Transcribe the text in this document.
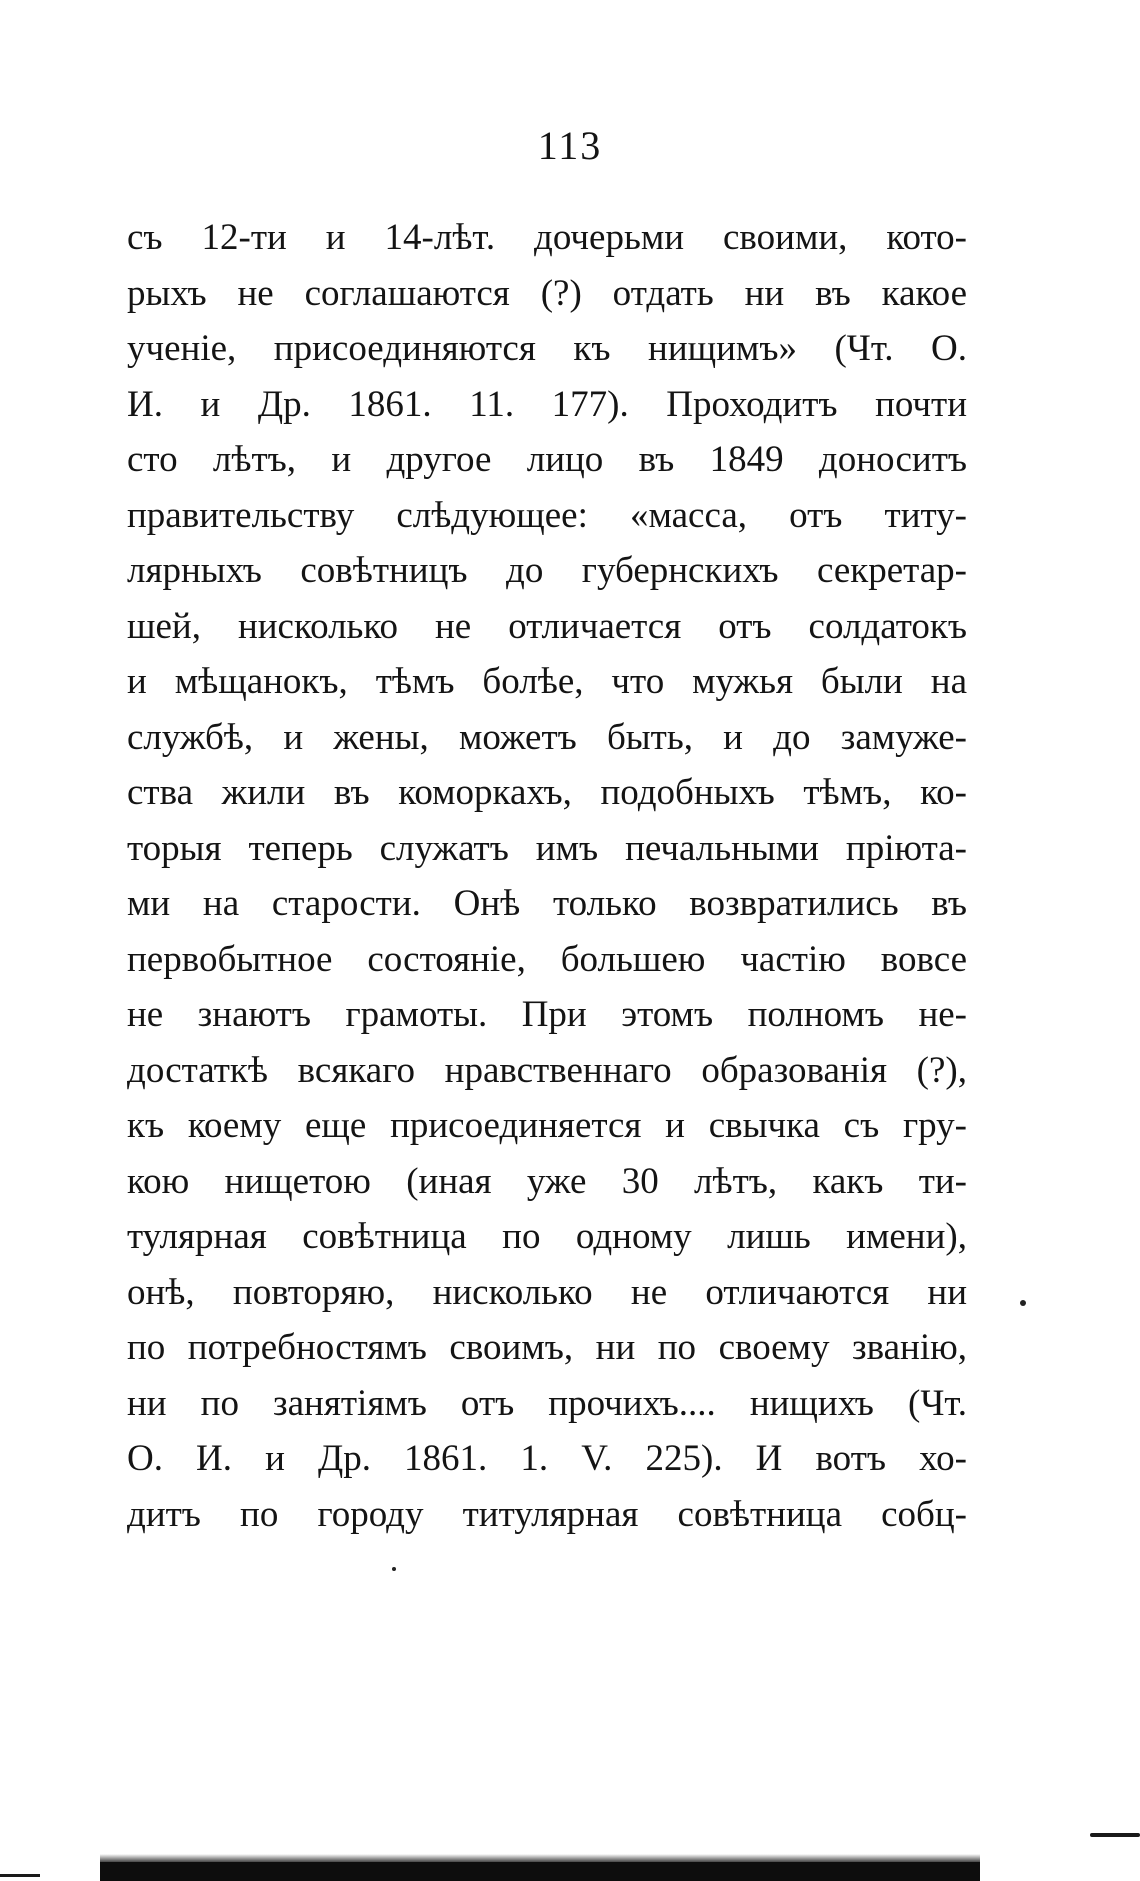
113
съ 12-ти и 14-лѣт. дочерьми своими, кото-
рыхъ не соглашаются (?) отдать ни въ какое
ученіе, присоединяются къ нищимъ» (Чт. О.
И. и Др. 1861. 11. 177). Проходитъ почти
сто лѣтъ, и другое лицо въ 1849 доноситъ
правительству слѣдующее: «масса, отъ титу-
лярныхъ совѣтницъ до губернскихъ секретар-
шей, нисколько не отличается отъ солдатокъ
и мѣщанокъ, тѣмъ болѣе, что мужья были на
службѣ, и жены, можетъ быть, и до замуже-
ства жили въ коморкахъ, подобныхъ тѣмъ, ко-
торыя теперь служатъ имъ печальными пріюта-
ми на старости. Онѣ только возвратились въ
первобытное состояніе, большею частію вовсе
не знаютъ грамоты. При этомъ полномъ не-
достаткѣ всякаго нравственнаго образованія (?),
къ коему еще присоединяется и свычка съ гру-
кою нищетою (иная уже 30 лѣтъ, какъ ти-
тулярная совѣтница по одному лишь имени),
онѣ, повторяю, нисколько не отличаются ни
по потребностямъ своимъ, ни по своему званію,
ни по занятіямъ отъ прочихъ.... нищихъ (Чт.
О. И. и Др. 1861. 1. V. 225). И вотъ хо-
дитъ по городу титулярная совѣтница собц-
